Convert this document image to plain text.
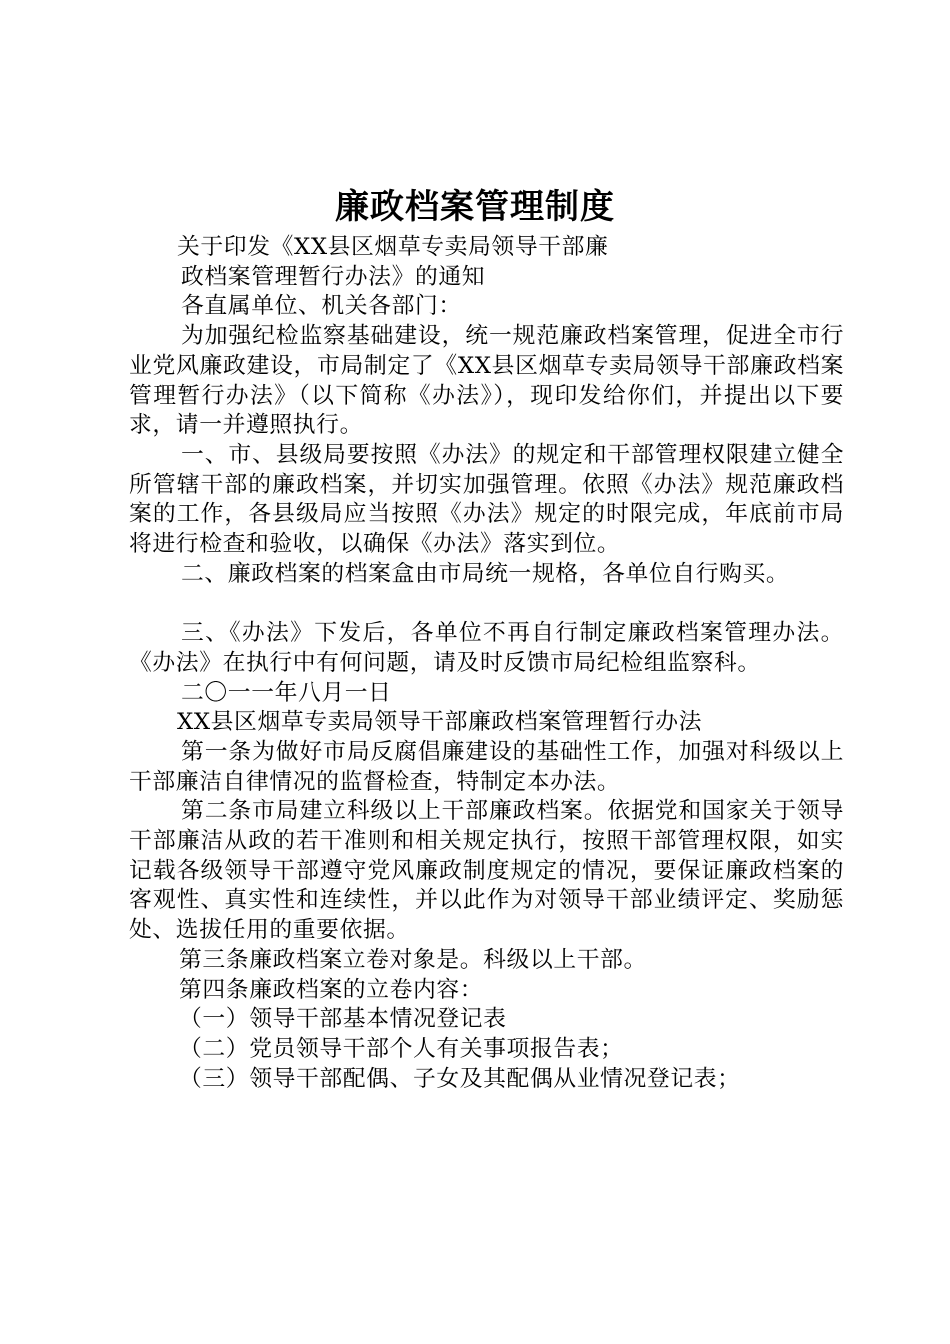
廉政档案管理制度

关于印发《XX县区烟草专卖局领导干部廉

政档案管理暂行办法》的通知

各直属单位、机关各部门：

为加强纪检监察基础建设，统一规范廉政档案管理，促进全市行业党风廉政建设，市局制定了《XX县区烟草专卖局领导干部廉政档案管理暂行办法》（以下简称《办法》），现印发给你们，并提出以下要求，请一并遵照执行。

一、市、县级局要按照《办法》的规定和干部管理权限建立健全所管辖干部的廉政档案，并切实加强管理。依照《办法》规范廉政档案的工作，各县级局应当按照《办法》规定的时限完成，年底前市局将进行检查和验收，以确保《办法》落实到位。

二、廉政档案的档案盒由市局统一规格，各单位自行购买。

三、《办法》下发后，各单位不再自行制定廉政档案管理办法。《办法》在执行中有何问题，请及时反馈市局纪检组监察科。

二〇一一年八月一日

XX县区烟草专卖局领导干部廉政档案管理暂行办法

第一条为做好市局反腐倡廉建设的基础性工作，加强对科级以上干部廉洁自律情况的监督检查，特制定本办法。

第二条市局建立科级以上干部廉政档案。依据党和国家关于领导干部廉洁从政的若干准则和相关规定执行，按照干部管理权限，如实记载各级领导干部遵守党风廉政制度规定的情况，要保证廉政档案的客观性、真实性和连续性，并以此作为对领导干部业绩评定、奖励惩处、选拔任用的重要依据。

第三条廉政档案立卷对象是。科级以上干部。

第四条廉政档案的立卷内容：

（一）领导干部基本情况登记表

（二）党员领导干部个人有关事项报告表；

（三）领导干部配偶、子女及其配偶从业情况登记表；
